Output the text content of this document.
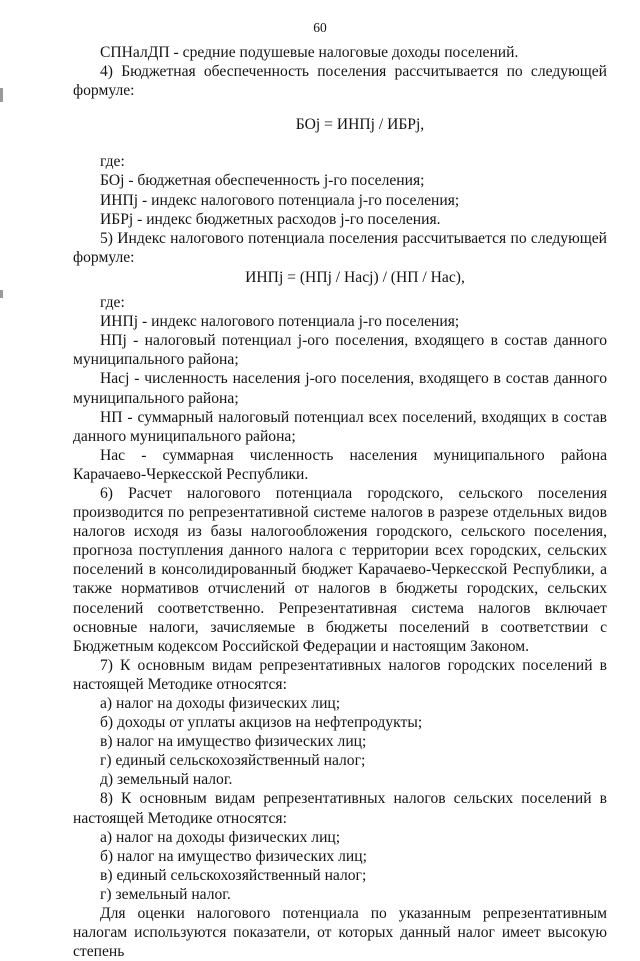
60

СПНалДП - средние подушевые налоговые доходы поселений.

4) Бюджетная обеспеченность поселения рассчитывается по следующей формуле:

БОj = ИНПj / ИБРj,

где:

БОj - бюджетная обеспеченность j-го поселения;

ИНПj - индекс налогового потенциала j-го поселения;

ИБРj - индекс бюджетных расходов j-го поселения.

5) Индекс налогового потенциала поселения рассчитывается по следующей формуле:

ИНПj = (НПj / Насj) / (НП / Нас),

где:

ИНПj - индекс налогового потенциала j-го поселения;

НПj - налоговый потенциал j-ого поселения, входящего в состав данного муниципального района;

Насj - численность населения j-ого поселения, входящего в состав данного муниципального района;

НП - суммарный налоговый потенциал всех поселений, входящих в состав данного муниципального района;

Нас - суммарная численность населения муниципального района Карачаево-Черкесской Республики.

6) Расчет налогового потенциала городского, сельского поселения производится по репрезентативной системе налогов в разрезе отдельных видов налогов исходя из базы налогообложения городского, сельского поселения, прогноза поступления данного налога с территории всех городских, сельских поселений в консолидированный бюджет Карачаево-Черкесской Республики, а также нормативов отчислений от налогов в бюджеты городских, сельских поселений соответственно. Репрезентативная система налогов включает основные налоги, зачисляемые в бюджеты поселений в соответствии с Бюджетным кодексом Российской Федерации и настоящим Законом.

7) К основным видам репрезентативных налогов городских поселений в настоящей Методике относятся:

а) налог на доходы физических лиц;

б) доходы от уплаты акцизов на нефтепродукты;

в) налог на имущество физических лиц;

г) единый сельскохозяйственный налог;

д) земельный налог.

8) К основным видам репрезентативных налогов сельских поселений в настоящей Методике относятся:

а) налог на доходы физических лиц;

б) налог на имущество физических лиц;

в) единый сельскохозяйственный налог;

г) земельный налог.

Для оценки налогового потенциала по указанным репрезентативным налогам используются показатели, от которых данный налог имеет высокую степень
